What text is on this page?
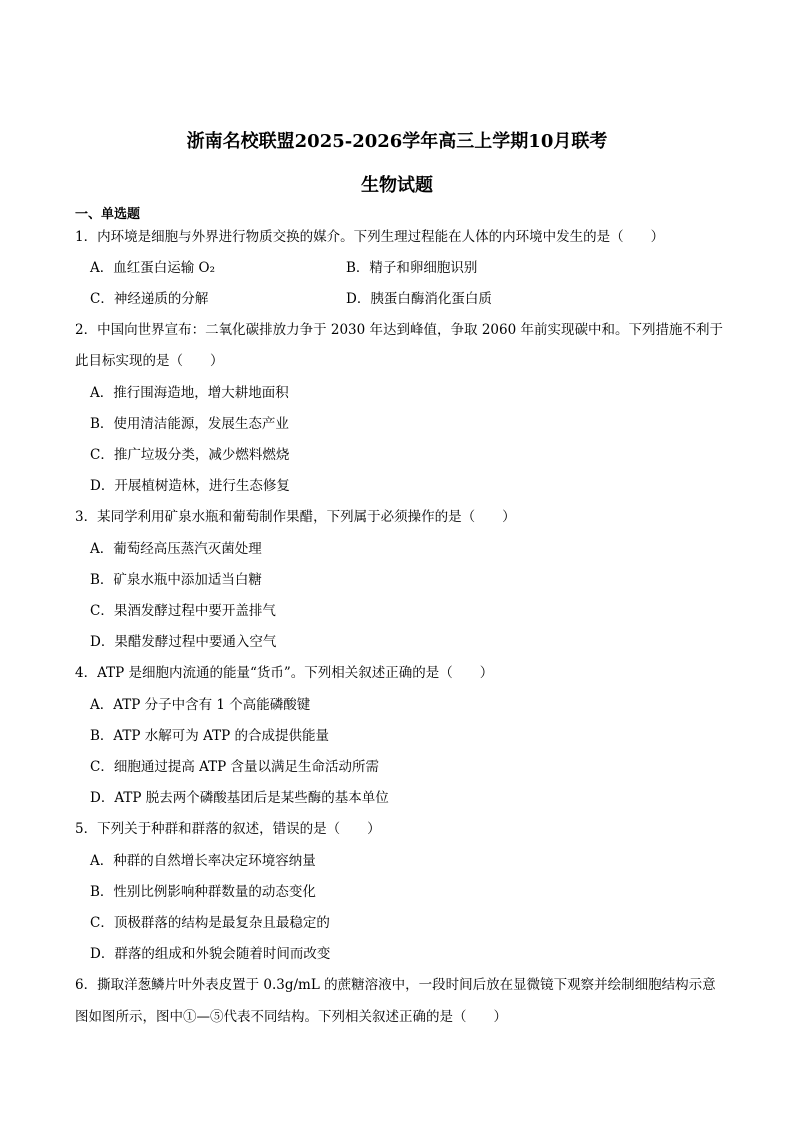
浙南名校联盟2025-2026学年高三上学期10月联考
生物试题
一、单选题
1．内环境是细胞与外界进行物质交换的媒介。下列生理过程能在人体的内环境中发生的是（　　）
A．血红蛋白运输 O₂	B．精子和卵细胞识别
C．神经递质的分解	D．胰蛋白酶消化蛋白质
2．中国向世界宣布：二氧化碳排放力争于 2030 年达到峰值，争取 2060 年前实现碳中和。下列措施不利于
此目标实现的是（　　）
A．推行围海造地，增大耕地面积
B．使用清洁能源，发展生态产业
C．推广垃圾分类，减少燃料燃烧
D．开展植树造林，进行生态修复
3．某同学利用矿泉水瓶和葡萄制作果醋，下列属于必须操作的是（　　）
A．葡萄经高压蒸汽灭菌处理
B．矿泉水瓶中添加适当白糖
C．果酒发酵过程中要开盖排气
D．果醋发酵过程中要通入空气
4．ATP 是细胞内流通的能量“货币”。下列相关叙述正确的是（　　）
A．ATP 分子中含有 1 个高能磷酸键
B．ATP 水解可为 ATP 的合成提供能量
C．细胞通过提高 ATP 含量以满足生命活动所需
D．ATP 脱去两个磷酸基团后是某些酶的基本单位
5．下列关于种群和群落的叙述，错误的是（　　）
A．种群的自然增长率决定环境容纳量
B．性别比例影响种群数量的动态变化
C．顶极群落的结构是最复杂且最稳定的
D．群落的组成和外貌会随着时间而改变
6．撕取洋葱鳞片叶外表皮置于 0.3g/mL 的蔗糖溶液中，一段时间后放在显微镜下观察并绘制细胞结构示意
图如图所示，图中①—⑤代表不同结构。下列相关叙述正确的是（　　）
